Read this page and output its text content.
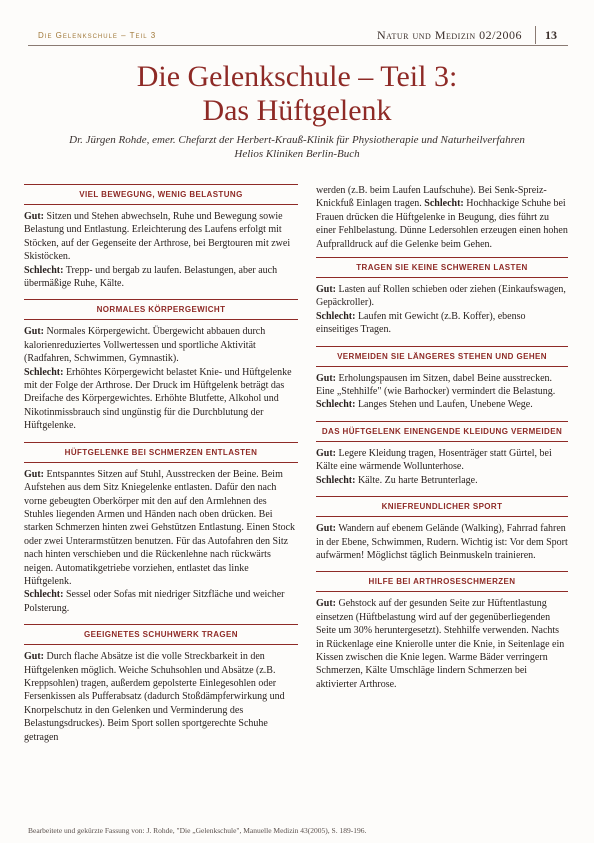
Die Gelenkschule – Teil 3	Natur und Medizin 02/2006	13
Die Gelenkschule – Teil 3:
Das Hüftgelenk
Dr. Jürgen Rohde, emer. Chefarzt der Herbert-Krauß-Klinik für Physiotherapie und Naturheilverfahren Helios Kliniken Berlin-Buch
VIEL BEWEGUNG, WENIG BELASTUNG

Gut: Sitzen und Stehen abwechseln, Ruhe und Bewegung sowie Belastung und Entlastung. Erleichterung des Laufens erfolgt mit Stöcken, auf der Gegenseite der Arthrose, bei Bergtouren mit zwei Skistöcken.

Schlecht: Trepp- und bergab zu laufen. Belastungen, aber auch übermäßige Ruhe, Kälte.

NORMALES KÖRPERGEWICHT

Gut: Normales Körpergewicht. Übergewicht abbauen durch kalorienreduziertes Vollwertessen und sportliche Aktivität (Radfahren, Schwimmen, Gymnastik).

Schlecht: Erhöhtes Körpergewicht belastet Knie- und Hüftgelenke mit der Folge der Arthrose. Der Druck im Hüftgelenk beträgt das Dreifache des Körpergewichtes. Erhöhte Blutfette, Alkohol und Nikotinmissbrauch sind ungünstig für die Durchblutung der Hüftgelenke.

HÜFTGELENKE BEI SCHMERZEN ENTLASTEN

Gut: Entspanntes Sitzen auf Stuhl, Ausstrecken der Beine. Beim Aufstehen aus dem Sitz Kniegelenke entlasten. Dafür den nach vorne gebeugten Oberkörper mit den auf den Armlehnen des Stuhles liegenden Armen und Händen nach oben drücken. Bei starken Schmerzen hinten zwei Gehstützen Entlastung. Einen Stock oder zwei Unterarmstützen benutzen. Für das Autofahren den Sitz nach hinten verschieben und die Rückenlehne nach rückwärts neigen. Automatikgetriebe vorziehen, entlastet das linke Hüftgelenk.

Schlecht: Sessel oder Sofas mit niedriger Sitzfläche und weicher Polsterung.

GEEIGNETES SCHUHWERK TRAGEN

Gut: Durch flache Absätze ist die volle Streckbarkeit in den Hüftgelenken möglich. Weiche Schuhsohlen und Absätze (z.B. Kreppsohlen) tragen, außerdem gepolsterte Einlegesohlen oder Fersenkissen als Pufferabsatz (dadurch Stoßdämpferwirkung und Knorpelschutz in den Gelenken und Verminderung des Belastungsdruckes). Beim Sport sollen sportgerechte Schuhe getragen

werden (z.B. beim Laufen Laufschuhe). Bei Senk-Spreiz-Knickfuß Einlagen tragen. Schlecht: Hochhackige Schuhe bei Frauen drücken die Hüftgelenke in Beugung, dies führt zu einer Fehlbelastung. Dünne Ledersohlen erzeugen einen hohen Aufpralldruck auf die Gelenke beim Gehen.
TRAGEN SIE KEINE SCHWEREN LASTEN

Gut: Lasten auf Rollen schieben oder ziehen (Einkaufswagen, Gepäckroller).

Schlecht: Laufen mit Gewicht (z.B. Koffer), ebenso einseitiges Tragen.

VERMEIDEN SIE LÄNGERES STEHEN UND GEHEN

Gut: Erholungspausen im Sitzen, dabel Beine ausstrecken. Eine „Stehhilfe" (wie Barhocker) vermindert die Belastung.

Schlecht: Langes Stehen und Laufen, Unebene Wege.

DAS HÜFTGELENK EINENGENDE KLEIDUNG VERMEIDEN

Gut: Legere Kleidung tragen, Hosenträger statt Gürtel, bei Kälte eine wärmende Wollunterhose.

Schlecht: Kälte. Zu harte Betrunterlage.

KNIEFREUNDLICHER SPORT

Gut: Wandern auf ebenem Gelände (Walking), Fahrrad fahren in der Ebene, Schwimmen, Rudern. Wichtig ist: Vor dem Sport aufwärmen! Möglichst täglich Beinmuskeln trainieren.

HILFE BEI ARTHROSESCHMERZEN

Gut: Gehstock auf der gesunden Seite zur Hüftentlastung einsetzen (Hüftbelastung wird auf der gegenüberliegenden Seite um 30% heruntergesetzt). Stehhilfe verwenden. Nachts in Rückenlage eine Knierolle unter die Knie, in Seitenlage ein Kissen zwischen die Knie legen. Warme Bäder verringern Schmerzen, Kälte Umschläge lindern Schmerzen bei aktivierter Arthrose.

Bearbeitete und gekürzte Fassung von: J. Rohde, "Die „Gelenkschule", Manuelle Medizin 43(2005), S. 189-196.
